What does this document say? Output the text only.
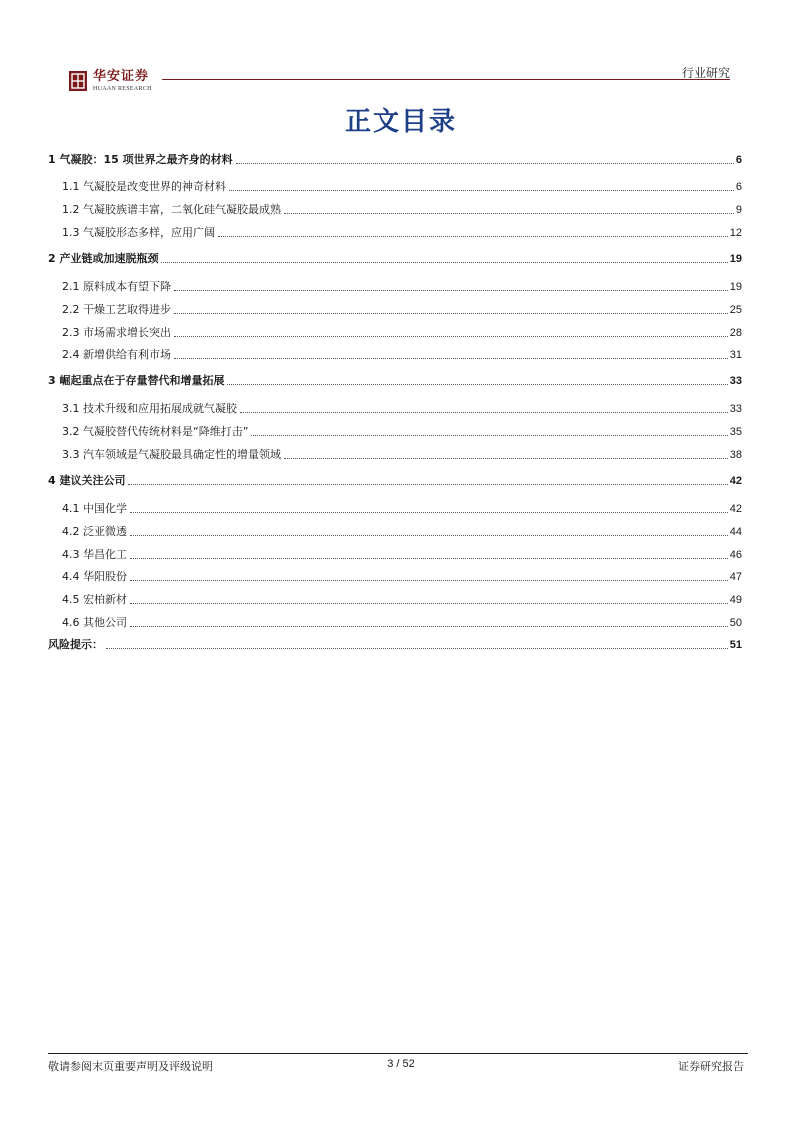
华安证券
HUAAN RESEARCH
行业研究
正文目录
1 气凝胶：15 项世界之最齐身的材料	6
1.1 气凝胶是改变世界的神奇材料	6
1.2 气凝胶族谱丰富，二氧化硅气凝胶最成熟	9
1.3 气凝胶形态多样，应用广阔	12
2 产业链或加速脱瓶颈	19
2.1 原料成本有望下降	19
2.2 干燥工艺取得进步	25
2.3 市场需求增长突出	28
2.4 新增供给有利市场	31
3 崛起重点在于存量替代和增量拓展	33
3.1 技术升级和应用拓展成就气凝胶	33
3.2 气凝胶替代传统材料是“降维打击”	35
3.3 汽车领域是气凝胶最具确定性的增量领域	38
4 建议关注公司	42
4.1 中国化学	42
4.2 泛亚微透	44
4.3 华昌化工	46
4.4 华阳股份	47
4.5 宏柏新材	49
4.6 其他公司	50
风险提示：	51
敬请参阅末页重要声明及评级说明	3 / 52	证券研究报告
